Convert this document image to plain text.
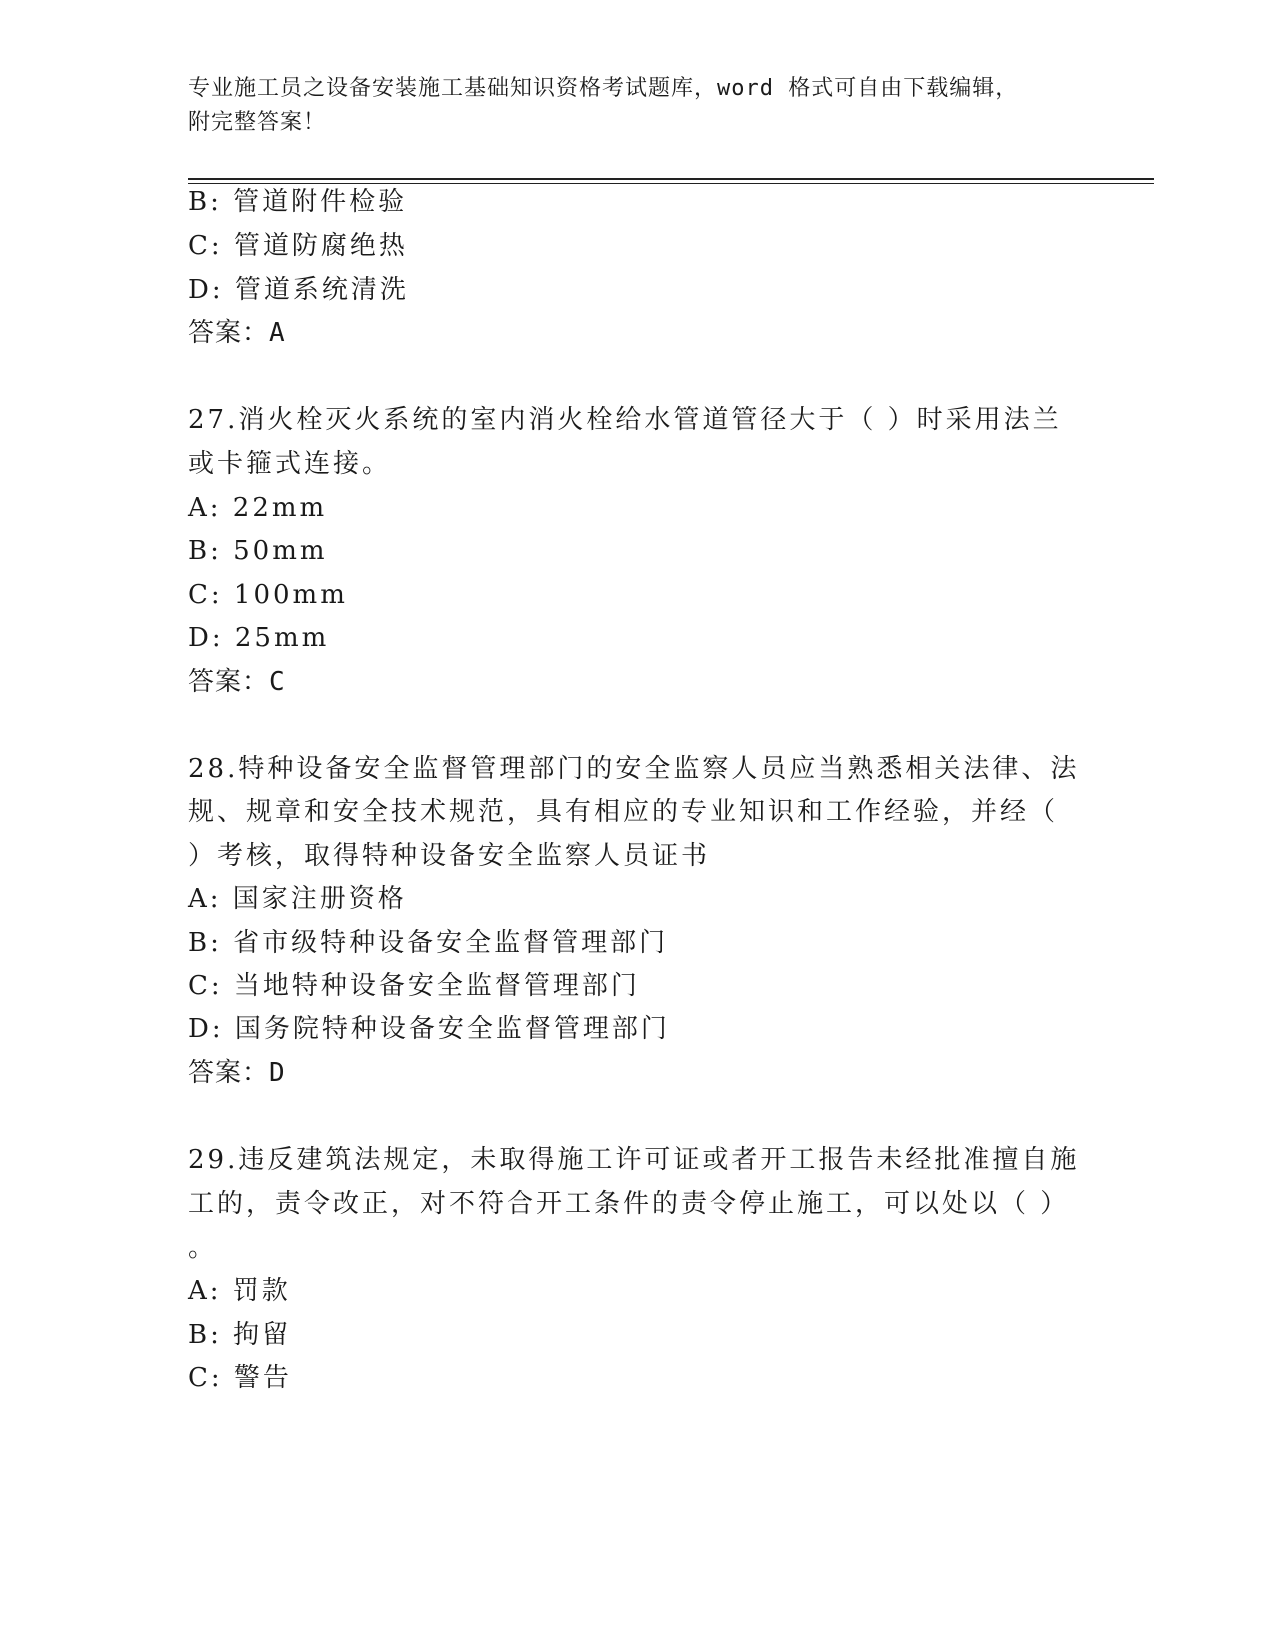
专业施工员之设备安装施工基础知识资格考试题库，word 格式可自由下载编辑，
附完整答案！
B: 管道附件检验
C: 管道防腐绝热
D: 管道系统清洗
答案：A
27.消火栓灭火系统的室内消火栓给水管道管径大于（ ）时采用法兰
或卡箍式连接。
A: 22mm
B: 50mm
C: 100mm
D: 25mm
答案：C
28.特种设备安全监督管理部门的安全监察人员应当熟悉相关法律、法
规、规章和安全技术规范，具有相应的专业知识和工作经验，并经（
）考核，取得特种设备安全监察人员证书
A: 国家注册资格
B: 省市级特种设备安全监督管理部门
C: 当地特种设备安全监督管理部门
D: 国务院特种设备安全监督管理部门
答案：D
29.违反建筑法规定，未取得施工许可证或者开工报告未经批准擅自施
工的，责令改正，对不符合开工条件的责令停止施工，可以处以（ ）
。
A: 罚款
B: 拘留
C: 警告
